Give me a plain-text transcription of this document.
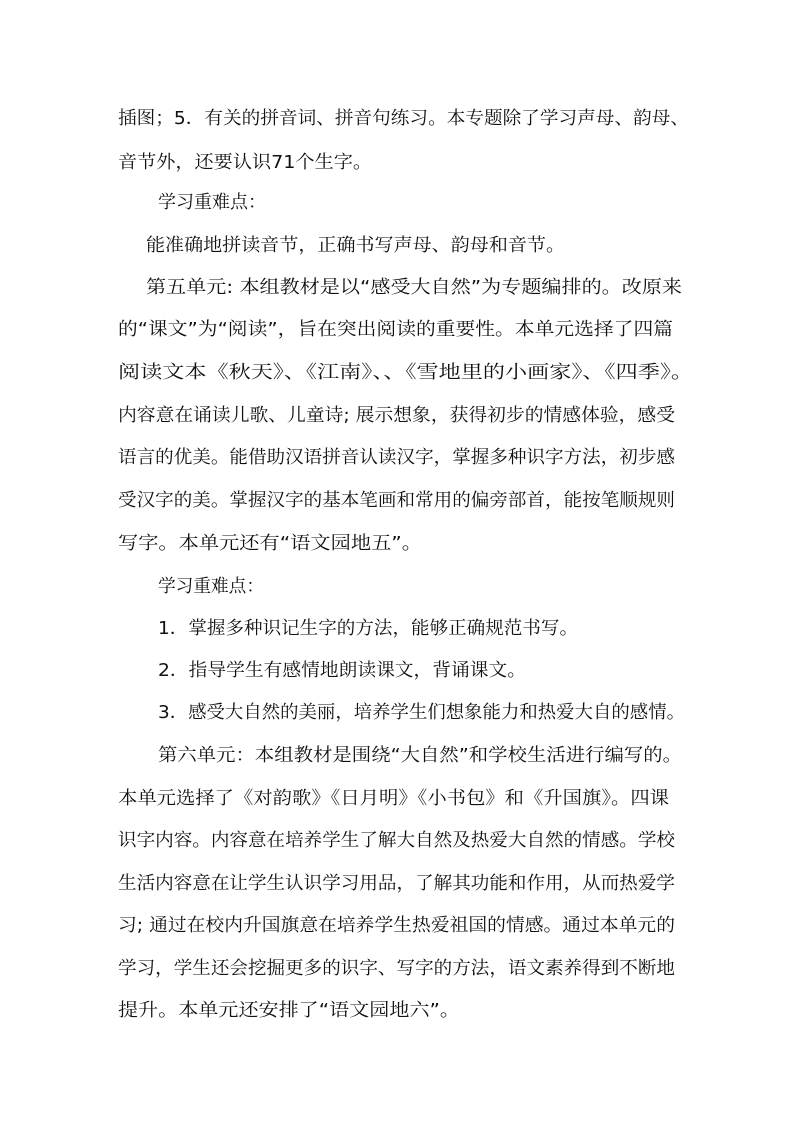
插图；5．有关的拼音词、拼音句练习。本专题除了学习声母、韵母、
音节外，还要认识71个生字。
学习重难点：
能准确地拼读音节，正确书写声母、韵母和音节。
第五单元: 本组教材是以“感受大自然”为专题编排的。改原来
的“课文”为“阅读”，旨在突出阅读的重要性。本单元选择了四篇
阅读文本《秋天》、《江南》、、《雪地里的小画家》、《四季》。
内容意在诵读儿歌、儿童诗; 展示想象，获得初步的情感体验，感受
语言的优美。能借助汉语拼音认读汉字，掌握多种识字方法，初步感
受汉字的美。掌握汉字的基本笔画和常用的偏旁部首，能按笔顺规则
写字。本单元还有“语文园地五”。
学习重难点：
1．掌握多种识记生字的方法，能够正确规范书写。
2．指导学生有感情地朗读课文，背诵课文。
3．感受大自然的美丽，培养学生们想象能力和热爱大自的感情。
第六单元：本组教材是围绕“大自然”和学校生活进行编写的。
本单元选择了《对韵歌》《日月明》《小书包》和《升国旗》。四课
识字内容。内容意在培养学生了解大自然及热爱大自然的情感。学校
生活内容意在让学生认识学习用品，了解其功能和作用，从而热爱学
习; 通过在校内升国旗意在培养学生热爱祖国的情感。通过本单元的
学习，学生还会挖掘更多的识字、写字的方法，语文素养得到不断地
提升。本单元还安排了“语文园地六”。
